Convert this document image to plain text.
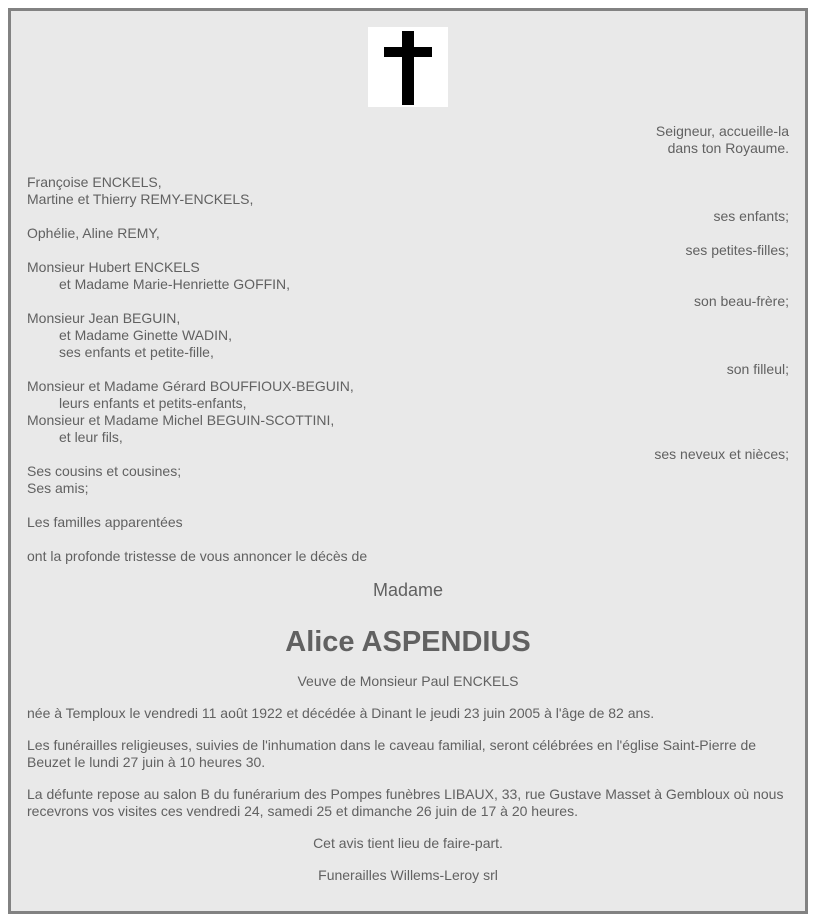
Seigneur, accueille-la

dans ton Royaume.

Françoise ENCKELS,

Martine et Thierry REMY-ENCKELS,

ses enfants;

Ophélie, Aline REMY,

ses petites-filles;

Monsieur Hubert ENCKELS

et Madame Marie-Henriette GOFFIN,

son beau-frère;

Monsieur Jean BEGUIN,

et Madame Ginette WADIN,

ses enfants et petite-fille,

son filleul;

Monsieur et Madame Gérard BOUFFIOUX-BEGUIN,

leurs enfants et petits-enfants,

Monsieur et Madame Michel BEGUIN-SCOTTINI,

et leur fils,

ses neveux et nièces;

Ses cousins et cousines;

Ses amis;

Les familles apparentées

ont la profonde tristesse de vous annoncer le décès de

Madame

Alice ASPENDIUS

Veuve de Monsieur Paul ENCKELS

née à Temploux le vendredi 11 août 1922 et décédée à Dinant le jeudi 23 juin 2005 à l'âge de 82 ans.

Les funérailles religieuses, suivies de l'inhumation dans le caveau familial, seront célébrées en l'église Saint-Pierre de Beuzet le lundi 27 juin à 10 heures 30.

La défunte repose au salon B du funérarium des Pompes funèbres LIBAUX, 33, rue Gustave Masset à Gembloux où nous recevrons vos visites ces vendredi 24, samedi 25 et dimanche 26 juin de 17 à 20 heures.

Cet avis tient lieu de faire-part.

Funerailles Willems-Leroy srl
